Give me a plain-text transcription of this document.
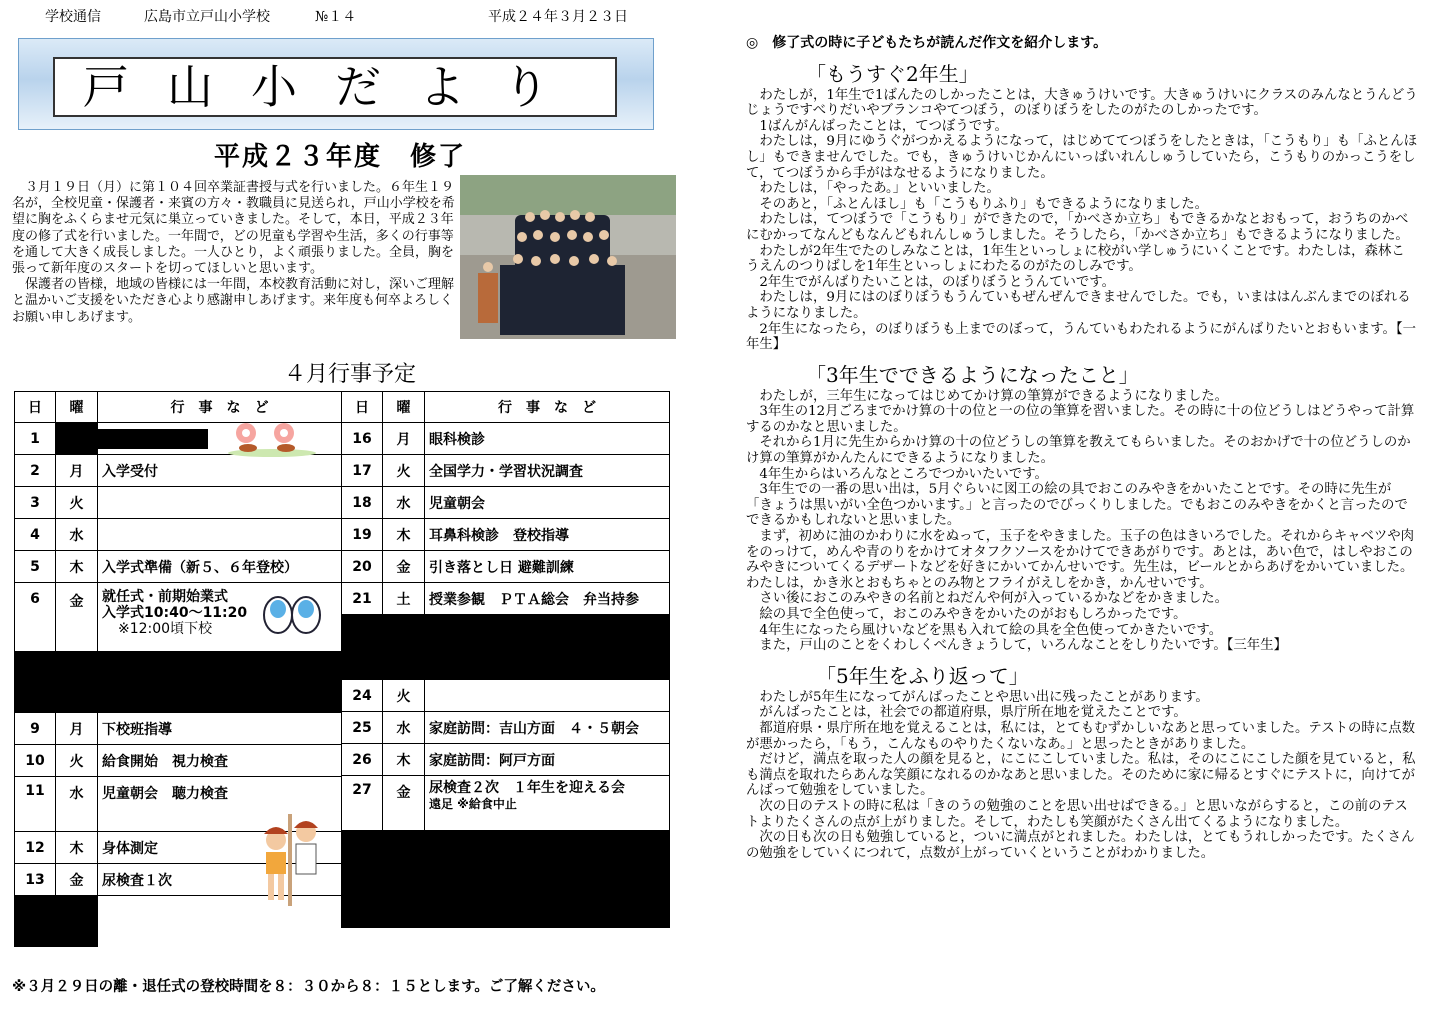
学校通信	広島市立戸山小学校	№１４	平成２４年３月２３日
戸山小だより
平成２３年度　修了

３月１９日（月）に第１０４回卒業証書授与式を行いました。６年生１９名が，全校児童・保護者・来賓の方々・教職員に見送られ，戸山小学校を希望に胸をふくらませ元気に巣立っていきました。そして，本日，平成２３年度の修了式を行いました。一年間で，どの児童も学習や生活，多くの行事等を通して大きく成長しました。一人ひとり，よく頑張りました。全員，胸を張って新年度のスタートを切ってほしいと思います。

保護者の皆様，地域の皆様には一年間，本校教育活動に対し，深いご理解と温かいご支援をいただき心より感謝申しあげます。来年度も何卒よろしくお願い申しあげます。

４月行事予定
日	曜	行　事　な　ど
1		

2	月	入学受付
3	火	
4	水	
5	木	入学式準備（新５、６年登校）
6	金	就任式・前期始業式
入学式10:40～11:20
※12:00頃下校

9	月	下校班指導
10	火	給食開始　視力検査
11	水	児童朝会　聴力検査
12	木	身体測定

13	金	尿検査１次

日	曜	行　事　な　ど
16	月	眼科検診
17	火	全国学力・学習状況調査
18	水	児童朝会
19	木	耳鼻科検診　登校指導
20	金	引き落とし日 避難訓練
21	土	授業参観　ＰＴＡ総会　弁当持参

24	火	
25	水	家庭訪問：吉山方面　４・５朝会
26	木	家庭訪問：阿戸方面
27	金	尿検査２次　１年生を迎える会
遠足 ※給食中止

※３月２９日の離・退任式の登校時間を８：３０から８：１５とします。ご了解ください。

◎　修了式の時に子どもたちが読んだ作文を紹介します。

「もうすぐ2年生」

　わたしが，1年生で1ばんたのしかったことは，大きゅうけいです。大きゅうけいにクラスのみんなとうんどうじょうですべりだいやブランコやてつぼう，のぼりぼうをしたのがたのしかったです。

　1ばんがんばったことは，てつぼうです。

　わたしは，9月にゆうぐがつかえるようになって，はじめててつぼうをしたときは，「こうもり」も「ふとんほし」もできませんでした。でも，きゅうけいじかんにいっぱいれんしゅうしていたら，こうもりのかっこうをして，てつぼうから手がはなせるようになりました。

　わたしは，「やったあ。」といいました。

　そのあと，「ふとんほし」も「こうもりふり」もできるようになりました。

　わたしは，てつぼうで「こうもり」ができたので，「かべさか立ち」もできるかなとおもって，おうちのかべにむかってなんどもなんどもれんしゅうしました。そうしたら，「かべさか立ち」もできるようになりました。

　わたしが2年生でたのしみなことは，1年生といっしょに校がい学しゅうにいくことです。わたしは，森林こうえんのつりばしを1年生といっしょにわたるのがたのしみです。

　2年生でがんばりたいことは，のぼりぼうとうんていです。

　わたしは，9月にはのぼりぼうもうんていもぜんぜんできませんでした。でも，いまははんぶんまでのぼれるようになりました。

　2年生になったら，のぼりぼうも上までのぼって，うんていもわたれるようにがんばりたいとおもいます。【一年生】

「3年生でできるようになったこと」

　わたしが，三年生になってはじめてかけ算の筆算ができるようになりました。

　3年生の12月ごろまでかけ算の十の位と一の位の筆算を習いました。その時に十の位どうしはどうやって計算するのかなと思いました。

　それから1月に先生からかけ算の十の位どうしの筆算を教えてもらいました。そのおかげで十の位どうしのかけ算の筆算がかんたんにできるようになりました。

　4年生からはいろんなところでつかいたいです。

　3年生での一番の思い出は，5月ぐらいに図工の絵の具でおこのみやきをかいたことです。その時に先生が「きょうは黒いがい全色つかいます。」と言ったのでびっくりしました。でもおこのみやきをかくと言ったのでできるかもしれないと思いました。

　まず，初めに油のかわりに水をぬって，玉子をやきました。玉子の色はきいろでした。それからキャベツや肉をのっけて，めんや青のりをかけてオタフクソースをかけてできあがりです。あとは，あい色で，はしやおこのみやきについてくるデザートなどを好きにかいてかんせいです。先生は，ビールとからあげをかいていました。わたしは，かき氷とおもちゃとのみ物とフライがえしをかき，かんせいです。

　さい後におこのみやきの名前とねだんや何が入っているかなどをかきました。

　絵の具で全色使って，おこのみやきをかいたのがおもしろかったです。

　4年生になったら風けいなどを黒も入れて絵の具を全色使ってかきたいです。

　また，戸山のことをくわしくべんきょうして，いろんなことをしりたいです。【三年生】

「5年生をふり返って」

　わたしが5年生になってがんばったことや思い出に残ったことがあります。

　がんばったことは，社会での都道府県，県庁所在地を覚えたことです。

　都道府県・県庁所在地を覚えることは，私には，とてもむずかしいなあと思っていました。テストの時に点数が悪かったら，「もう，こんなものやりたくないなあ。」と思ったときがありました。

　だけど，満点を取った人の顔を見ると，にこにこしていました。私は，そのにこにこした顔を見ていると，私も満点を取れたらあんな笑顔になれるのかなあと思いました。そのために家に帰るとすぐにテストに，向けてがんばって勉強をしていました。

　次の日のテストの時に私は「きのうの勉強のことを思い出せばできる。」と思いながらすると，この前のテストよりたくさんの点が上がりました。そして，わたしも笑顔がたくさん出てくるようになりました。

　次の日も次の日も勉強していると，ついに満点がとれました。わたしは，とてもうれしかったです。たくさんの勉強をしていくにつれて，点数が上がっていくということがわかりました。
